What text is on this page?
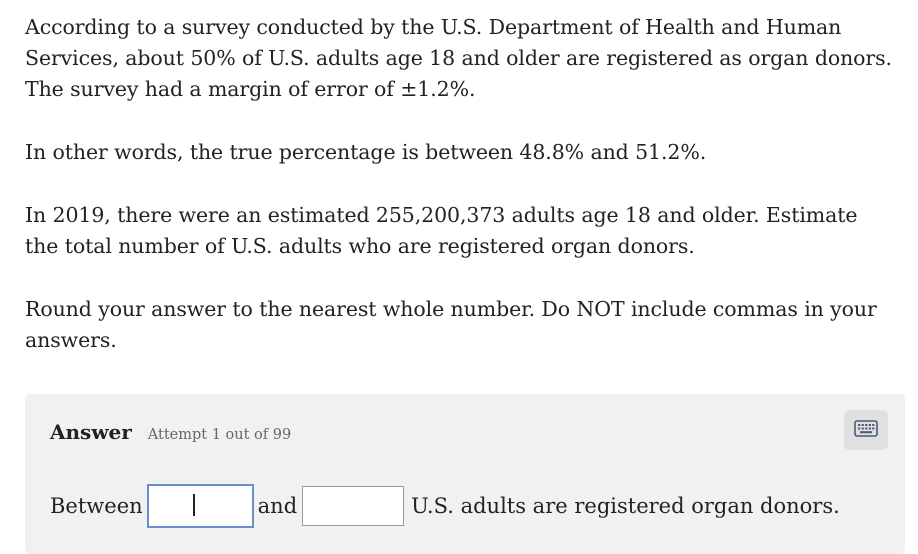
According to a survey conducted by the U.S. Department of Health and Human Services, about 50% of U.S. adults age 18 and older are registered as organ donors. The survey had a margin of error of ±1.2%.

In other words, the true percentage is between 48.8% and 51.2%.

In 2019, there were an estimated 255,200,373 adults age 18 and older. Estimate the total number of U.S. adults who are registered organ donors.

Round your answer to the nearest whole number. Do NOT include commas in your answers.

Answer Attempt 1 out of 99
Between	and	U.S. adults are registered organ donors.
